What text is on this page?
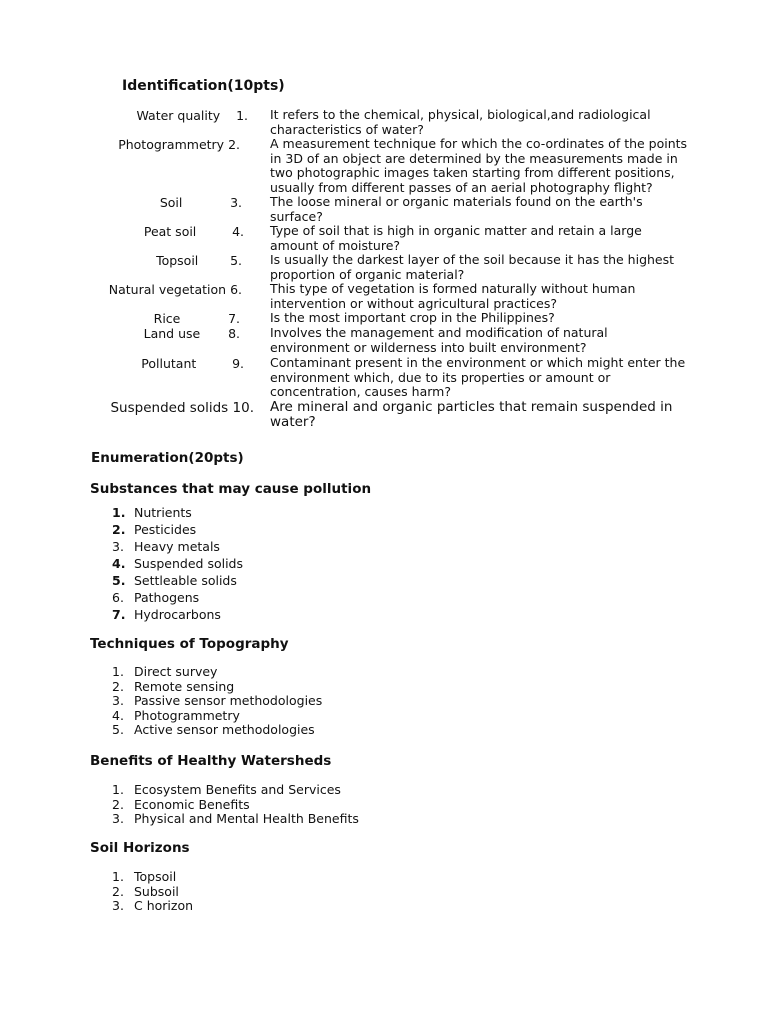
Identification(10pts)
Water quality 1. It refers to the chemical, physical, biological,and radiological characteristics of water?
Photogrammetry 2. A measurement technique for which the co-ordinates of the points in 3D of an object are determined by the measurements made in two photographic images taken starting from different positions, usually from different passes of an aerial photography flight?
Soil	3. The loose mineral or organic materials found on the earth's surface?
Peat soil	4. Type of soil that is high in organic matter and retain a large amount of moisture?
Topsoil	5. Is usually the darkest layer of the soil because it has the highest proportion of organic material?
Natural vegetation 6. This type of vegetation is formed naturally without human intervention or without agricultural practices?
Rice	7. Is the most important crop in the Philippines?
Land use 8. Involves the management and modification of natural environment or wilderness into built environment?
Pollutant	9. Contaminant present in the environment or which might enter the environment which, due to its properties or amount or concentration, causes harm?
Suspended solids 10. Are mineral and organic particles that remain suspended in water?
Enumeration(20pts)
Substances that may cause pollution
1. Nutrients
2. Pesticides
3. Heavy metals
4. Suspended solids
5. Settleable solids
6. Pathogens
7. Hydrocarbons
Techniques of Topography
1. Direct survey
2. Remote sensing
3. Passive sensor methodologies
4. Photogrammetry
5. Active sensor methodologies
Benefits of Healthy Watersheds
1. Ecosystem Benefits and Services
2. Economic Benefits
3. Physical and Mental Health Benefits
Soil Horizons
1. Topsoil
2. Subsoil
3. C horizon
